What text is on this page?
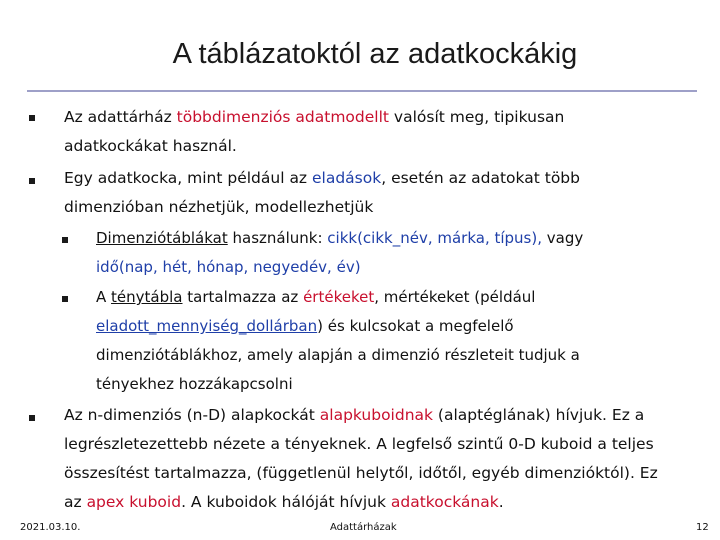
A táblázatoktól az adatkockákig

Az adattárház többdimenziós adatmodellt valósít meg, tipikusan adatkockákat használ.

Egy adatkocka, mint például az eladások, esetén az adatokat több dimenzióban nézhetjük, modellezhetjük

Dimenziótáblákat használunk: cikk(cikk_név, márka, típus), vagy idő(nap, hét, hónap, negyedév, év)

A ténytábla tartalmazza az értékeket, mértékeket (például eladott_mennyiség_dollárban) és kulcsokat a megfelelő dimenziótáblákhoz, amely alapján a dimenzió részleteit tudjuk a tényekhez hozzákapcsolni

Az n-dimenziós (n-D) alapkockát alapkuboidnak (alaptéglának) hívjuk. Ez a legrészletezettebb nézete a tényeknek. A legfelső szintű 0-D kuboid a teljes összesítést tartalmazza, (függetlenül helytől, időtől, egyéb dimenzióktól). Ez az apex kuboid. A kuboidok hálóját hívjuk adatkockának.

2021.03.10.	Adattárházak	12
